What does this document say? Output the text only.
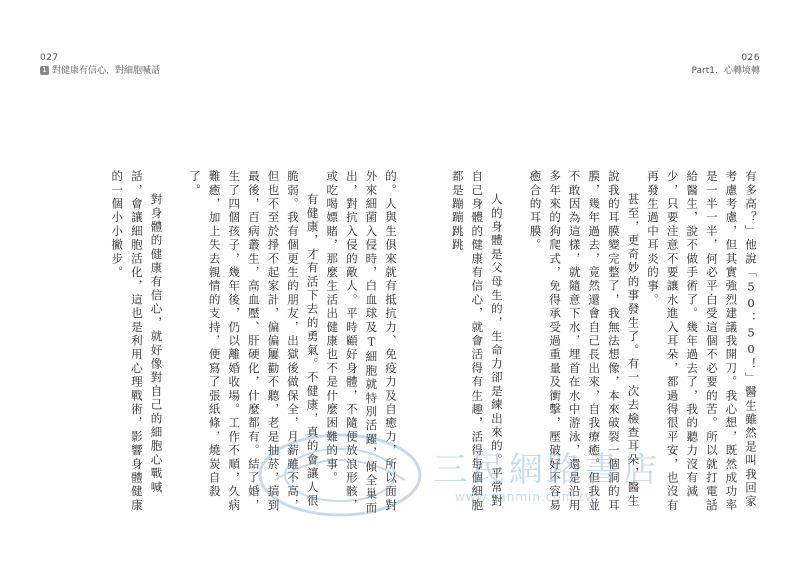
027
1 對健康有信心，對細胞喊話
026
Part1．心轉境轉

的。人與生俱來就有抵抗力、免疫力及自癒力，所以面對外來細菌入侵時，白血球及T細胞就特別活躍，傾全巢而出，對抗入侵的敵人。平時顧好身體，不隨便放浪形骸，或吃喝嫖賭，那麼生活出健康也不是什麼困難的事。

有健康，才有活下去的勇氣。不健康，真的會讓人很脆弱。我有個更生的朋友，出獄後做保全，月薪雖不高，但也不至於掙不起家計，偏偏屢勸不聽，老是抽菸，搞到最後，百病叢生，高血壓、肝硬化，什麼都有。結了婚，生了四個孩子，幾年後，仍以離婚收場。工作不順，久病難癒，加上失去親情的支持，便寫了張紙條，燒炭自殺了。

對身體的健康有信心，就好像對自己的細胞心戰喊話，會讓細胞活化，這也是利用心理戰術，影響身體健康的一個小小撇步。	有多高？」他說「50：50！」醫生雖然是叫我回家考慮考慮，但其實強烈建議我開刀。我心想，既然成功率是一半一半，何必平白受這個不必要的苦。所以就打電話給醫生，說不做手術了。幾年過去了，我的聽力沒有減少，只要注意不要讓水進入耳朵，都過得很平安，也沒有再發生過中耳炎的事。

甚至，更奇妙的事發生了。有一次去檢查耳朵，醫生說我的耳膜變完整了，我無法想像，本來破裂一個洞的耳膜，幾年過去，竟然還會自己長出來，自我療癒。但我並不敢因為這樣，就隨意下水，埋首在水中游泳，還是沿用多年來的狗爬式，免得承受過重量及衝擊，壓破好不容易癒合的耳膜。

人的身體是父母生的，生命力卻是練出來的。平常對自己身體的健康有信心，就會活得有生趣，活得每個細胞都是蹦蹦跳跳

三民網路書店
www.sanmin.com.tw
